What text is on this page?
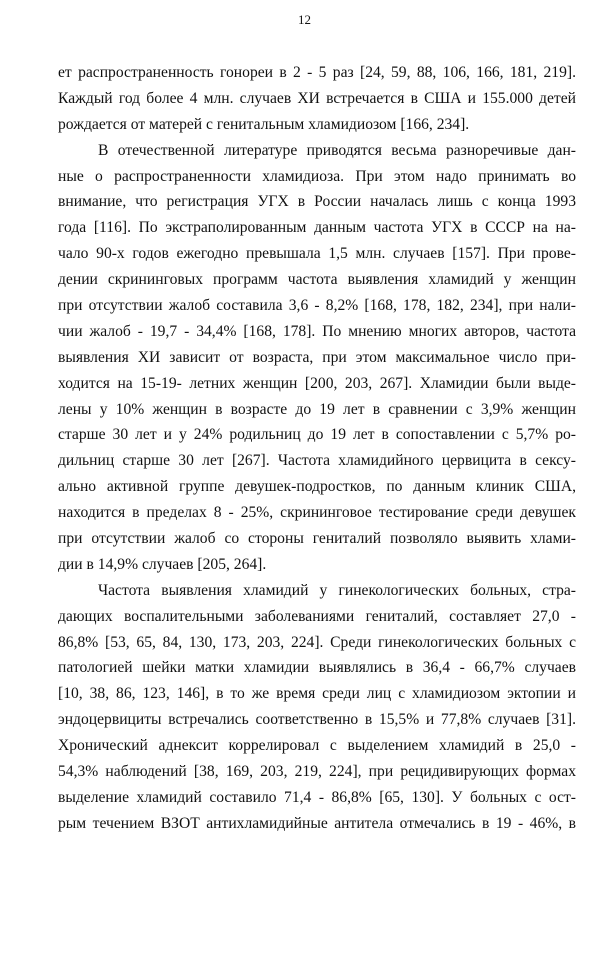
12
ет распространенность гонореи в 2 - 5 раз [24, 59, 88, 106, 166, 181, 219].
Каждый год более 4 млн. случаев ХИ встречается в США и 155.000 детей
рождается от матерей с генитальным хламидиозом [166, 234].
В отечественной литературе приводятся весьма разноречивые дан-
ные о распространенности хламидиоза. При этом надо принимать во
внимание, что регистрация УГХ в России началась лишь с конца 1993
года [116]. По экстраполированным данным частота УГХ в СССР на на-
чало 90-х годов ежегодно превышала 1,5 млн. случаев [157]. При прове-
дении скрининговых программ частота выявления хламидий у женщин
при отсутствии жалоб составила 3,6 - 8,2% [168, 178, 182, 234], при нали-
чии жалоб - 19,7 - 34,4% [168, 178]. По мнению многих авторов, частота
выявления ХИ зависит от возраста, при этом максимальное число при-
ходится на 15-19- летних женщин [200, 203, 267]. Хламидии были выде-
лены у 10% женщин в возрасте до 19 лет в сравнении с 3,9% женщин
старше 30 лет и у 24% родильниц до 19 лет в сопоставлении с 5,7% ро-
дильниц старше 30 лет [267]. Частота хламидийного цервицита в сексу-
ально активной группе девушек-подростков, по данным клиник США,
находится в пределах 8 - 25%, скрининговое тестирование среди девушек
при отсутствии жалоб со стороны гениталий позволяло выявить хлами-
дии в 14,9% случаев [205, 264].
Частота выявления хламидий у гинекологических больных, стра-
дающих воспалительными заболеваниями гениталий, составляет 27,0 -
86,8% [53, 65, 84, 130, 173, 203, 224]. Среди гинекологических больных с
патологией шейки матки хламидии выявлялись в 36,4 - 66,7% случаев
[10, 38, 86, 123, 146], в то же время среди лиц с хламидиозом эктопии и
эндоцервициты встречались соответственно в 15,5% и 77,8% случаев [31].
Хронический аднексит коррелировал с выделением хламидий в 25,0 -
54,3% наблюдений [38, 169, 203, 219, 224], при рецидивирующих формах
выделение хламидий составило 71,4 - 86,8% [65, 130]. У больных с ост-
рым течением ВЗОТ антихламидийные антитела отмечались в 19 - 46%, в
